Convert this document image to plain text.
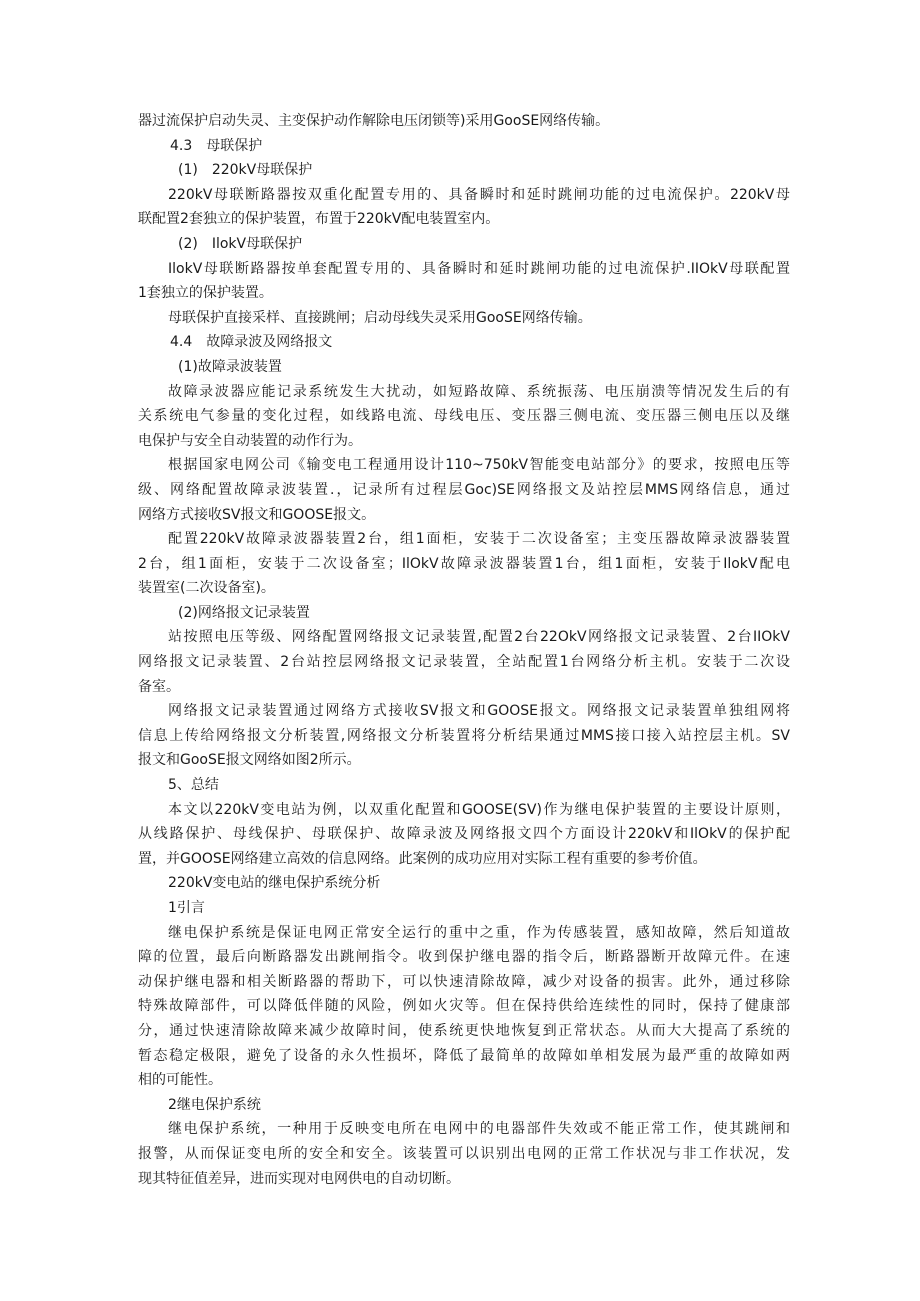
器过流保护启动失灵、主变保护动作解除电压闭锁等)采用GooSE网络传输。
4.3　母联保护
(1)　220kV母联保护
220kV母联断路器按双重化配置专用的、具备瞬时和延时跳闸功能的过电流保护。220kV母
联配置2套独立的保护装置，布置于220kV配电装置室内。
(2)　IlokV母联保护
IlokV母联断路器按单套配置专用的、具备瞬时和延时跳闸功能的过电流保护.IIOkV母联配置
1套独立的保护装置。
母联保护直接采样、直接跳闸；启动母线失灵采用GooSE网络传输。
4.4　故障录波及网络报文
(1)故障录波装置
故障录波器应能记录系统发生大扰动，如短路故障、系统振荡、电压崩溃等情况发生后的有
关系统电气参量的变化过程，如线路电流、母线电压、变压器三侧电流、变压器三侧电压以及继
电保护与安全自动装置的动作行为。
根据国家电网公司《输变电工程通用设计110~750kV智能变电站部分》的要求，按照电压等
级、网络配置故障录波装置.，记录所有过程层Goc)SE网络报文及站控层MMS网络信息，通过
网络方式接收SV报文和GOOSE报文。
配置220kV故障录波器装置2台，组1面柜，安装于二次设备室；主变压器故障录波器装置
2台，组1面柜，安装于二次设备室；IlOkV故障录波器装置1台，组1面柜，安装于IlokV配电
装置室(二次设备室)。
(2)网络报文记录装置
站按照电压等级、网络配置网络报文记录装置,配置2台22OkV网络报文记录装置、2台IIOkV
网络报文记录装置、2台站控层网络报文记录装置，全站配置1台网络分析主机。安装于二次设
备室。
网络报文记录装置通过网络方式接收SV报文和GOOSE报文。网络报文记录装置单独组网将
信息上传给网络报文分析装置,网络报文分析装置将分析结果通过MMS接口接入站控层主机。SV
报文和GooSE报文网络如图2所示。
5、总结
本文以220kV变电站为例，以双重化配置和GOOSE(SV)作为继电保护装置的主要设计原则，
从线路保护、母线保护、母联保护、故障录波及网络报文四个方面设计220kV和IlOkV的保护配
置，并GOOSE网络建立高效的信息网络。此案例的成功应用对实际工程有重要的参考价值。
220kV变电站的继电保护系统分析
1引言
继电保护系统是保证电网正常安全运行的重中之重，作为传感装置，感知故障，然后知道故
障的位置，最后向断路器发出跳闸指令。收到保护继电器的指令后，断路器断开故障元件。在速
动保护继电器和相关断路器的帮助下，可以快速清除故障，减少对设备的损害。此外，通过移除
特殊故障部件，可以降低伴随的风险，例如火灾等。但在保持供给连续性的同时，保持了健康部
分，通过快速清除故障来减少故障时间，使系统更快地恢复到正常状态。从而大大提高了系统的
暂态稳定极限，避免了设备的永久性损坏，降低了最简单的故障如单相发展为最严重的故障如两
相的可能性。
2继电保护系统
继电保护系统，一种用于反映变电所在电网中的电器部件失效或不能正常工作，使其跳闸和
报警，从而保证变电所的安全和安全。该装置可以识别出电网的正常工作状况与非工作状况，发
现其特征值差异，进而实现对电网供电的自动切断。
